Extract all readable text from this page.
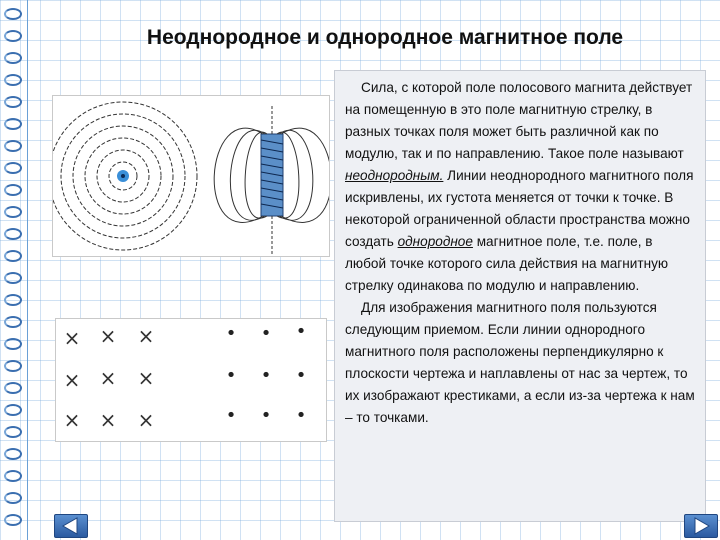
Неоднородное и однородное магнитное поле
× × ×
× × ×
× × ×
• • •
• • •
• • •

Сила, с которой поле полосового магнита действует на помещенную в это поле магнитную стрелку, в разных точках поля может быть различной как по модулю, так и по направлению. Такое поле называют неоднородным. Линии неоднородного магнитного поля искривлены, их густота меняется от точки к точке. В некоторой ограниченной области пространства можно создать однородное магнитное поле, т.е. поле, в любой точке которого сила действия на магнитную стрелку одинакова по модулю и направлению.

Для изображения магнитного поля пользуются следующим приемом. Если линии однородного магнитного поля расположены перпендикулярно к плоскости чертежа и наплавлены от нас за чертеж, то их изображают крестиками, а если из-за чертежа к нам – то точками.
